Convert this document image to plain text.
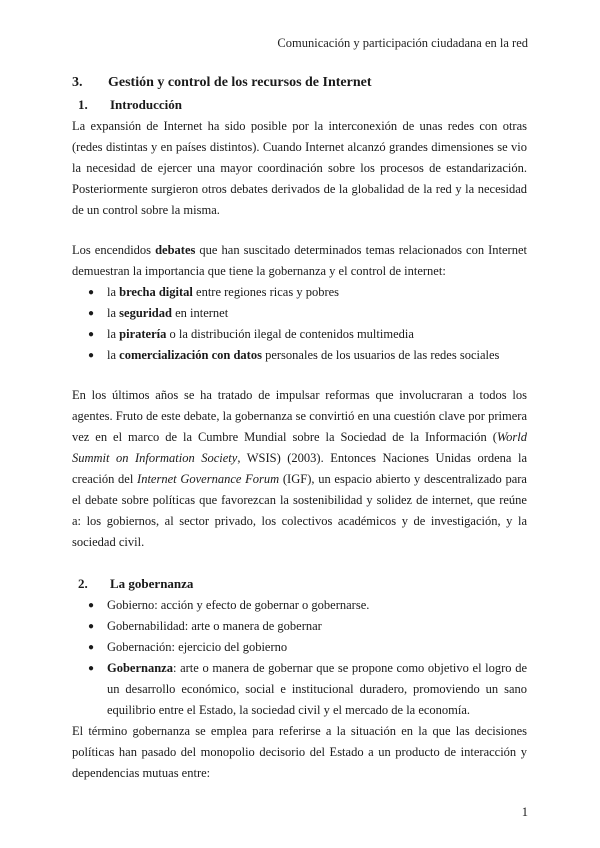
Comunicación y participación ciudadana en la red
3.	Gestión y control de los recursos de Internet
1.	Introducción

La expansión de Internet ha sido posible por la interconexión de unas redes con otras (redes distintas y en países distintos). Cuando Internet alcanzó grandes dimensiones se vio la necesidad de ejercer una mayor coordinación sobre los procesos de estandarización. Posteriormente surgieron otros debates derivados de la globalidad de la red y la necesidad de un control sobre la misma.

Los encendidos debates que han suscitado determinados temas relacionados con Internet demuestran la importancia que tiene la gobernanza y el control de internet:

● la brecha digital entre regiones ricas y pobres
● la seguridad en internet
● la piratería o la distribución ilegal de contenidos multimedia
● la comercialización con datos personales de los usuarios de las redes sociales

En los últimos años se ha tratado de impulsar reformas que involucraran a todos los agentes. Fruto de este debate, la gobernanza se convirtió en una cuestión clave por primera vez en el marco de la Cumbre Mundial sobre la Sociedad de la Información (World Summit on Information Society, WSIS) (2003). Entonces Naciones Unidas ordena la creación del Internet Governance Forum (IGF), un espacio abierto y descentralizado para el debate sobre políticas que favorezcan la sostenibilidad y solidez de internet, que reúne a: los gobiernos, al sector privado, los colectivos académicos y de investigación, y la sociedad civil.

2.	La gobernanza
● Gobierno: acción y efecto de gobernar o gobernarse.
● Gobernabilidad: arte o manera de gobernar
● Gobernación: ejercicio del gobierno
● Gobernanza: arte o manera de gobernar que se propone como objetivo el logro de un desarrollo económico, social e institucional duradero, promoviendo un sano equilibrio entre el Estado, la sociedad civil y el mercado de la economía.

El término gobernanza se emplea para referirse a la situación en la que las decisiones políticas han pasado del monopolio decisorio del Estado a un producto de interacción y dependencias mutuas entre:

1
